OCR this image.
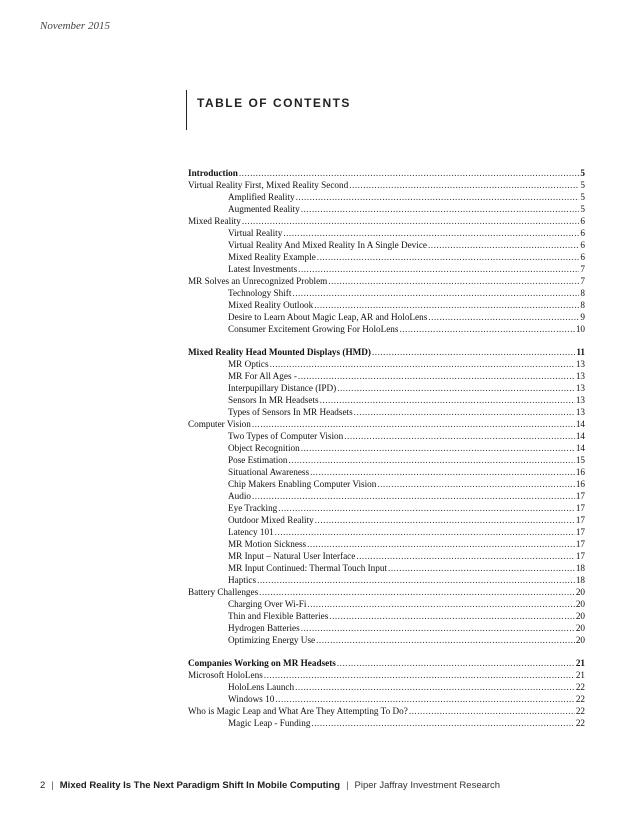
November 2015
TABLE OF CONTENTS
Introduction .....	5
Virtual Reality First, Mixed Reality Second .....	5
Amplified Reality .....	5
Augmented Reality .....	5
Mixed Reality .....	6
Virtual Reality .....	6
Virtual Reality And Mixed Reality In A Single Device .....	6
Mixed Reality Example .....	6
Latest Investments .....	7
MR Solves an Unrecognized Problem .....	7
Technology Shift .....	8
Mixed Reality Outlook .....	8
Desire to Learn About Magic Leap, AR and HoloLens .....	9
Consumer Excitement Growing For HoloLens .....	10
Mixed Reality Head Mounted Displays (HMD) .....	11
MR Optics .....	13
MR For All Ages - .....	13
Interpupillary Distance (IPD) .....	13
Sensors In MR Headsets .....	13
Types of Sensors In MR Headsets .....	13
Computer Vision .....	14
Two Types of Computer Vision .....	14
Object Recognition .....	14
Pose Estimation .....	15
Situational Awareness .....	16
Chip Makers Enabling Computer Vision .....	16
Audio .....	17
Eye Tracking .....	17
Outdoor Mixed Reality .....	17
Latency 101 .....	17
MR Motion Sickness .....	17
MR Input – Natural User Interface .....	17
MR Input Continued: Thermal Touch Input .....	18
Haptics .....	18
Battery Challenges .....	20
Charging Over Wi-Fi .....	20
Thin and Flexible Batteries .....	20
Hydrogen Batteries .....	20
Optimizing Energy Use .....	20
Companies Working on MR Headsets .....	21
Microsoft HoloLens .....	21
HoloLens Launch .....	22
Windows 10 .....	22
Who is Magic Leap and What Are They Attempting To Do? .....	22
Magic Leap - Funding .....	22
2 | Mixed Reality Is The Next Paradigm Shift In Mobile Computing | Piper Jaffray Investment Research
